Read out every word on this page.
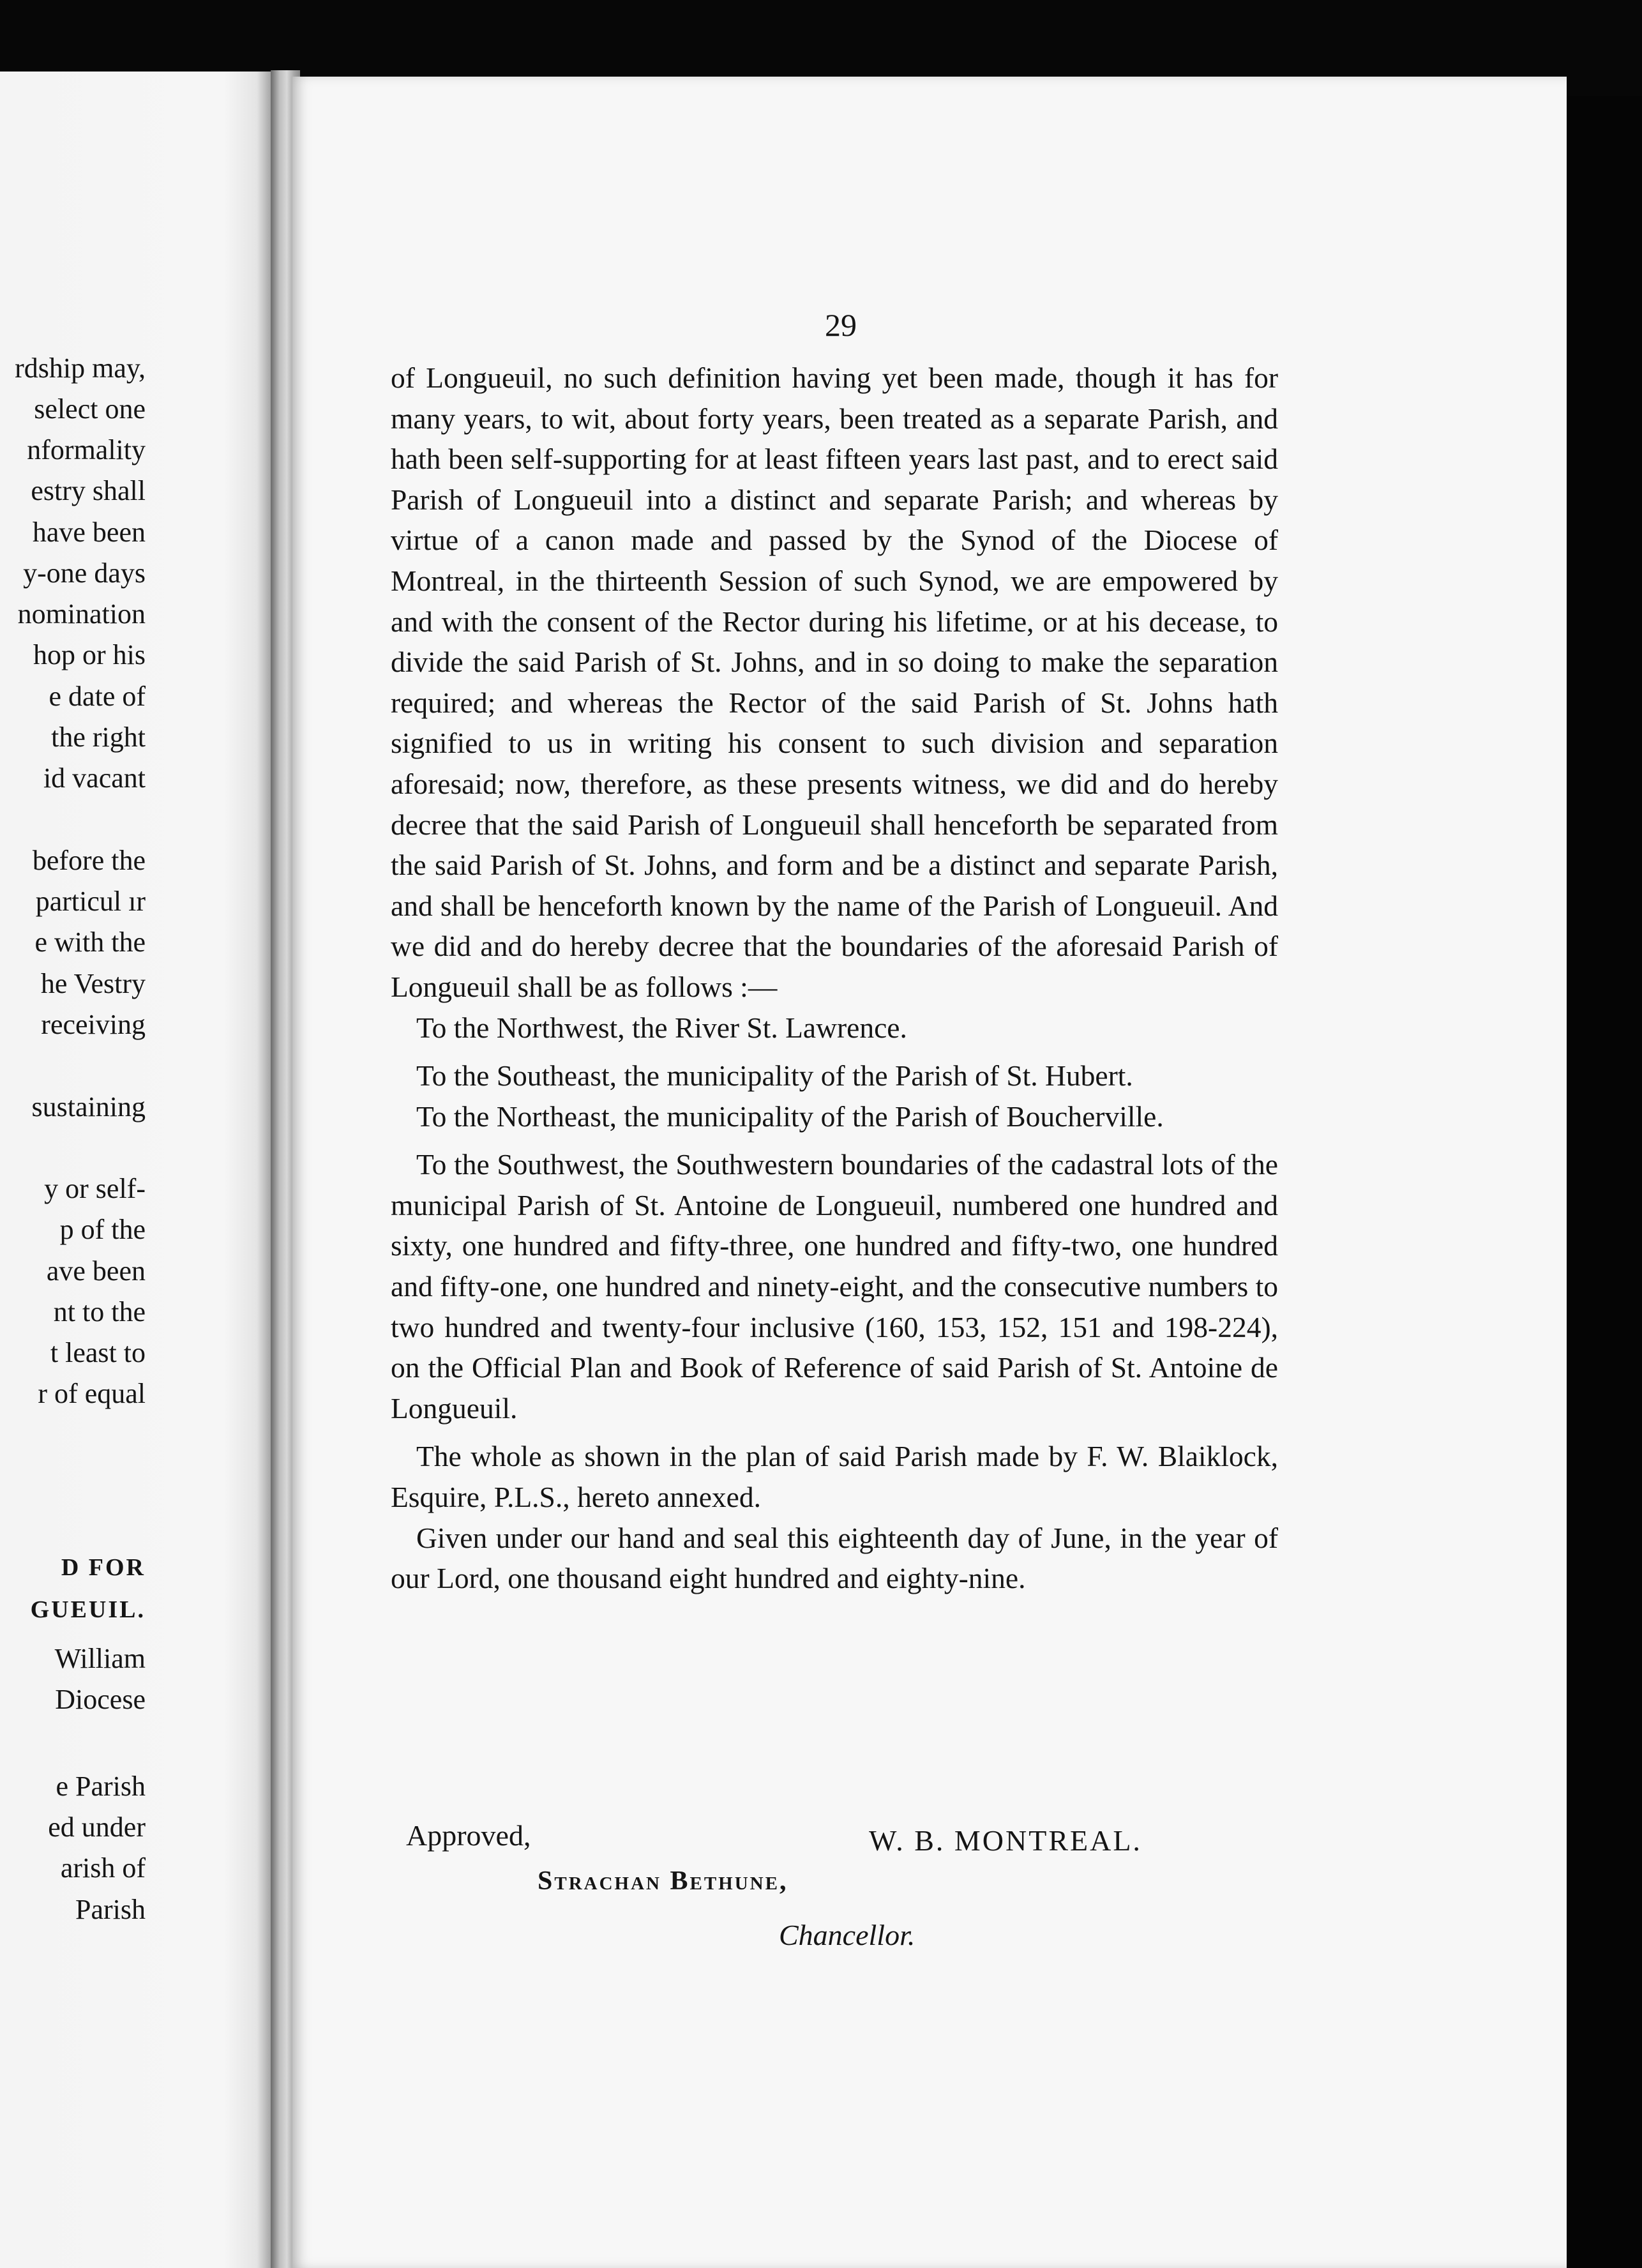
rdship may,
select one
nformality
estry shall
have been
y-one days
nomination
hop or his
e date of
the right
id vacant
before the
particul ır
e with the
he Vestry
receiving
sustaining
y or self-
p of the
ave been
nt to the
t least to
r of equal
D FOR
GUEUIL.
William
Diocese
e Parish
ed under
arish of
Parish
29

of Longueuil, no such definition having yet been made, though it has for many years, to wit, about forty years, been treated as a separate Parish, and hath been self-supporting for at least fifteen years last past, and to erect said Parish of Longueuil into a distinct and separate Parish; and whereas by virtue of a canon made and passed by the Synod of the Diocese of Montreal, in the thirteenth Session of such Synod, we are empowered by and with the consent of the Rector during his lifetime, or at his decease, to divide the said Parish of St. Johns, and in so doing to make the separation required; and whereas the Rector of the said Parish of St. Johns hath signified to us in writing his consent to such division and separation aforesaid; now, therefore, as these presents witness, we did and do hereby decree that the said Parish of Longueuil shall henceforth be separated from the said Parish of St. Johns, and form and be a distinct and separate Parish, and shall be henceforth known by the name of the Parish of Longueuil. And we did and do hereby decree that the boundaries of the aforesaid Parish of Longueuil shall be as follows :—

To the Northwest, the River St. Lawrence.

To the Southeast, the municipality of the Parish of St. Hubert.

To the Northeast, the municipality of the Parish of Boucherville.

To the Southwest, the Southwestern boundaries of the cadastral lots of the municipal Parish of St. Antoine de Longueuil, numbered one hundred and sixty, one hundred and fifty-three, one hundred and fifty-two, one hundred and fifty-one, one hundred and ninety-eight, and the consecutive numbers to two hundred and twenty-four inclusive (160, 153, 152, 151 and 198-224), on the Official Plan and Book of Reference of said Parish of St. Antoine de Longueuil.

The whole as shown in the plan of said Parish made by F. W. Blaiklock, Esquire, P.L.S., hereto annexed.

Given under our hand and seal this eighteenth day of June, in the year of our Lord, one thousand eight hundred and eighty-nine.

Approved,	W. B. MONTREAL.
Strachan Bethune,
Chancellor.
